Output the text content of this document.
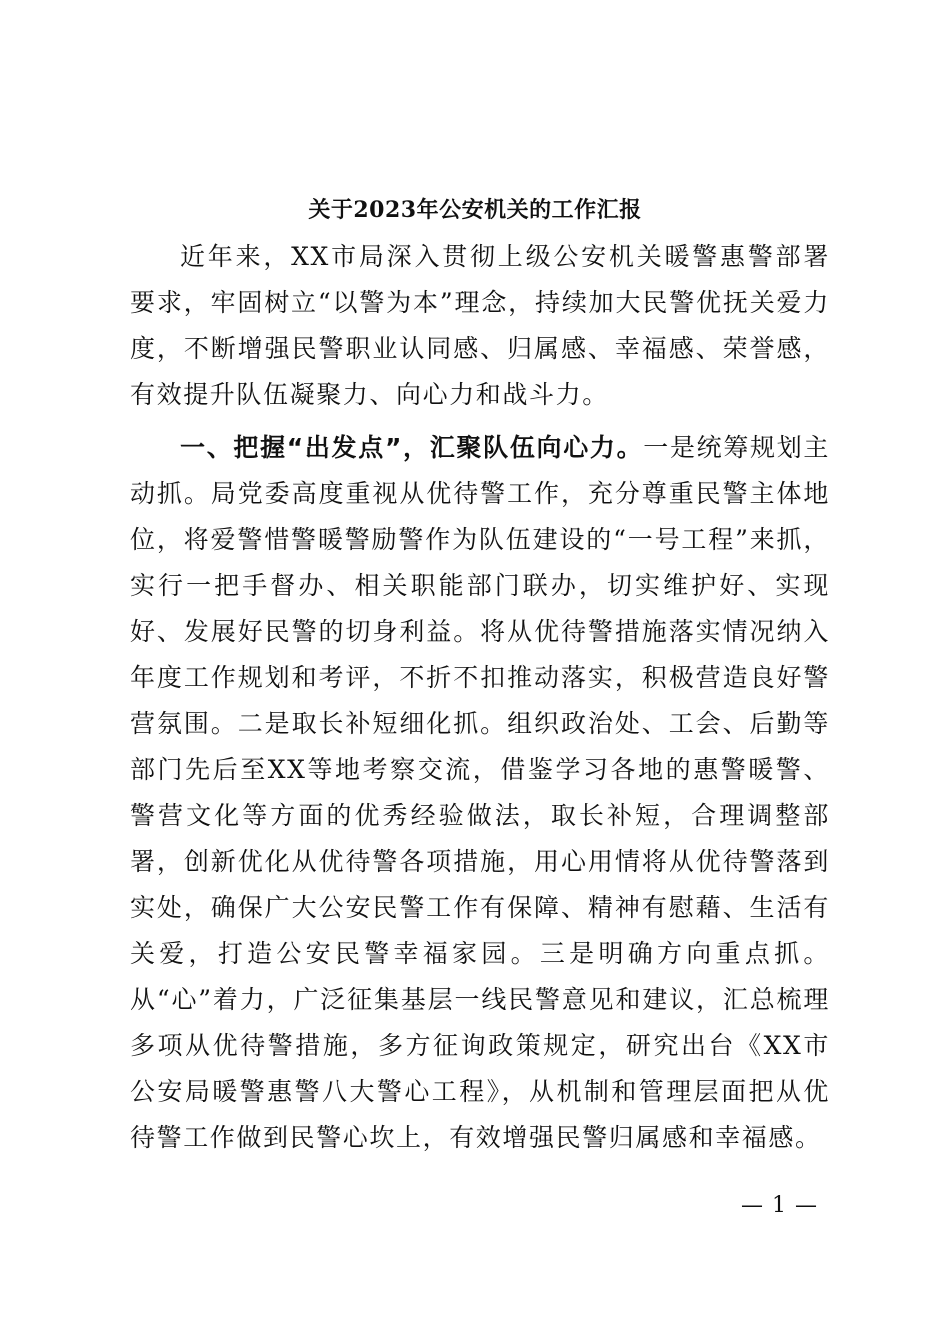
关于2023年公安机关的工作汇报

近年来，XX市局深入贯彻上级公安机关暖警惠警部署要求，牢固树立“以警为本”理念，持续加大民警优抚关爱力度，不断增强民警职业认同感、归属感、幸福感、荣誉感，有效提升队伍凝聚力、向心力和战斗力。

一、把握“出发点”，汇聚队伍向心力。一是统筹规划主动抓。局党委高度重视从优待警工作，充分尊重民警主体地位，将爱警惜警暖警励警作为队伍建设的“一号工程”来抓，实行一把手督办、相关职能部门联办，切实维护好、实现好、发展好民警的切身利益。将从优待警措施落实情况纳入年度工作规划和考评，不折不扣推动落实，积极营造良好警营氛围。二是取长补短细化抓。组织政治处、工会、后勤等部门先后至XX等地考察交流，借鉴学习各地的惠警暖警、警营文化等方面的优秀经验做法，取长补短，合理调整部署，创新优化从优待警各项措施，用心用情将从优待警落到实处，确保广大公安民警工作有保障、精神有慰藉、生活有关爱，打造公安民警幸福家园。三是明确方向重点抓。从“心”着力，广泛征集基层一线民警意见和建议，汇总梳理多项从优待警措施，多方征询政策规定，研究出台《XX市公安局暖警惠警八大警心工程》，从机制和管理层面把从优待警工作做到民警心坎上，有效增强民警归属感和幸福感。

— 1 —
